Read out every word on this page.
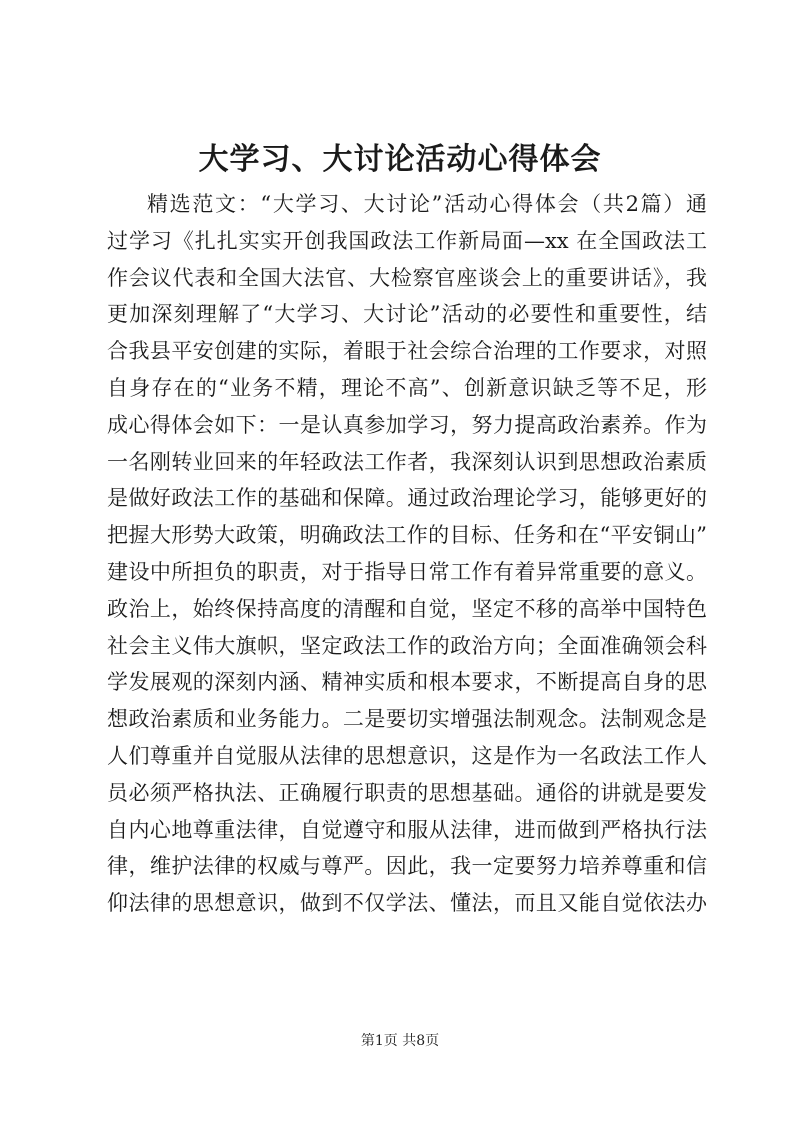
大学习、大讨论活动心得体会
精选范文：“大学习、大讨论”活动心得体会（共2篇）通
过学习《扎扎实实开创我国政法工作新局面—xx 在全国政法工
作会议代表和全国大法官、大检察官座谈会上的重要讲话》，我
更加深刻理解了“大学习、大讨论”活动的必要性和重要性，结
合我县平安创建的实际，着眼于社会综合治理的工作要求，对照
自身存在的“业务不精，理论不高”、创新意识缺乏等不足，形
成心得体会如下：一是认真参加学习，努力提高政治素养。作为
一名刚转业回来的年轻政法工作者，我深刻认识到思想政治素质
是做好政法工作的基础和保障。通过政治理论学习，能够更好的
把握大形势大政策，明确政法工作的目标、任务和在“平安铜山”
建设中所担负的职责，对于指导日常工作有着异常重要的意义。
政治上，始终保持高度的清醒和自觉，坚定不移的高举中国特色
社会主义伟大旗帜，坚定政法工作的政治方向；全面准确领会科
学发展观的深刻内涵、精神实质和根本要求，不断提高自身的思
想政治素质和业务能力。二是要切实增强法制观念。法制观念是
人们尊重并自觉服从法律的思想意识，这是作为一名政法工作人
员必须严格执法、正确履行职责的思想基础。通俗的讲就是要发
自内心地尊重法律，自觉遵守和服从法律，进而做到严格执行法
律，维护法律的权威与尊严。因此，我一定要努力培养尊重和信
仰法律的思想意识，做到不仅学法、懂法，而且又能自觉依法办
第1页 共8页
